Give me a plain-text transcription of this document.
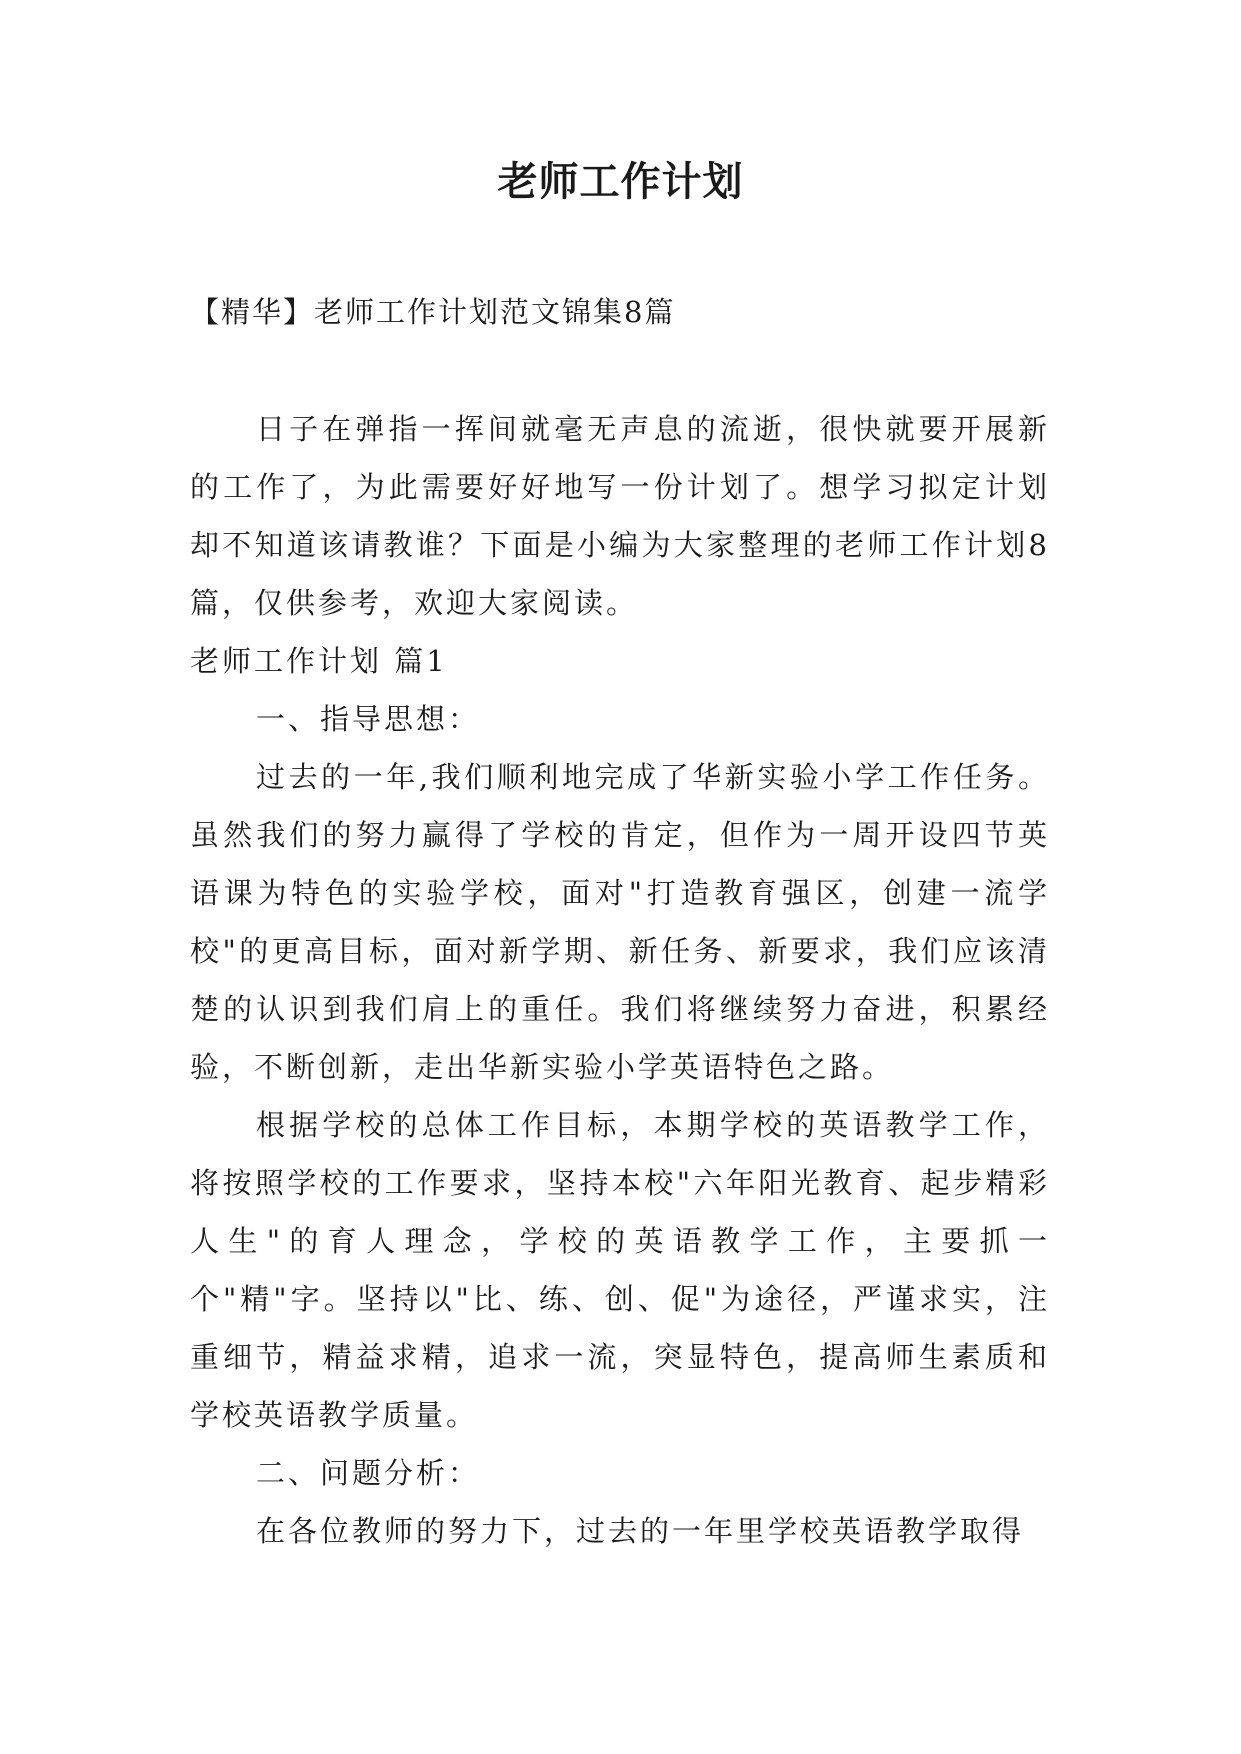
老师工作计划
【精华】老师工作计划范文锦集8篇

日子在弹指一挥间就毫无声息的流逝，很快就要开展新的工作了，为此需要好好地写一份计划了。想学习拟定计划却不知道该请教谁？下面是小编为大家整理的老师工作计划8篇，仅供参考，欢迎大家阅读。

老师工作计划 篇1

一、指导思想：

过去的一年,我们顺利地完成了华新实验小学工作任务。虽然我们的努力赢得了学校的肯定，但作为一周开设四节英语课为特色的实验学校，面对"打造教育强区，创建一流学校"的更高目标，面对新学期、新任务、新要求，我们应该清楚的认识到我们肩上的重任。我们将继续努力奋进，积累经验，不断创新，走出华新实验小学英语特色之路。

根据学校的总体工作目标，本期学校的英语教学工作，将按照学校的工作要求，坚持本校"六年阳光教育、起步精彩人生"的育人理念，学校的英语教学工作，主要抓一个"精"字。坚持以"比、练、创、促"为途径，严谨求实，注重细节，精益求精，追求一流，突显特色，提高师生素质和学校英语教学质量。

二、问题分析：

在各位教师的努力下，过去的一年里学校英语教学取得
